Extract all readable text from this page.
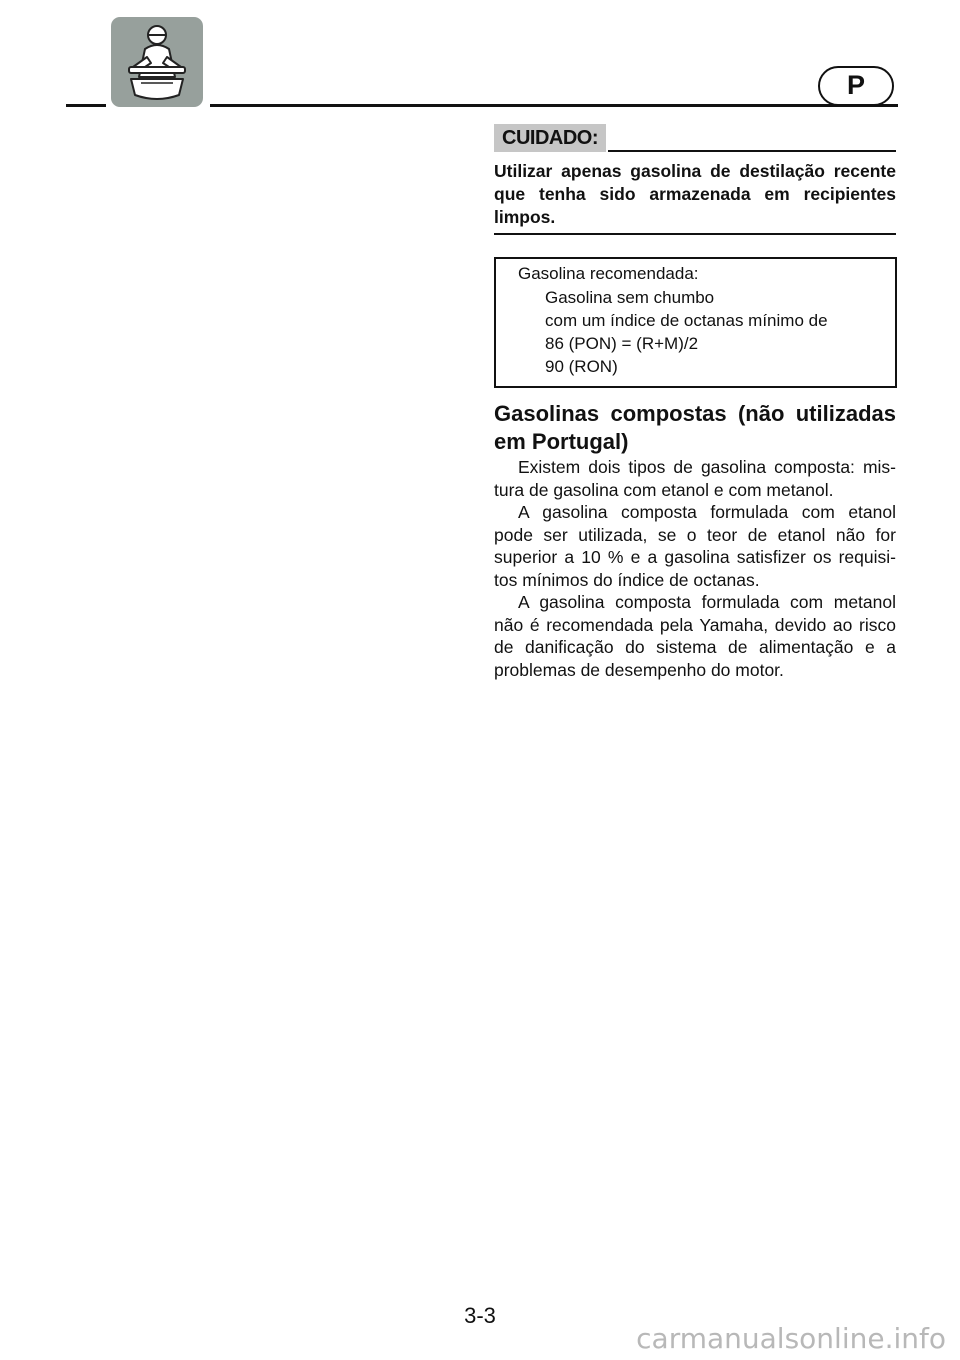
P
CUIDADO:

Utilizar apenas gasolina de destilação recente que tenha sido armazenada em recipientes limpos.

Gasolina recomendada:
Gasolina sem chumbo
com um índice de octanas mínimo de
86 (PON) = (R+M)/2
90 (RON)
Gasolinas compostas (não utilizadas em Portugal)

Existem dois tipos de gasolina composta: mis-tura de gasolina com etanol e com metanol.

A gasolina composta formulada com etanol pode ser utilizada, se o teor de etanol não for superior a 10 % e a gasolina satisfizer os requisi-tos mínimos do índice de octanas.

A gasolina composta formulada com metanol não é recomendada pela Yamaha, devido ao risco de danificação do sistema de alimentação e a problemas de desempenho do motor.

3-3
carmanualsonline.info
